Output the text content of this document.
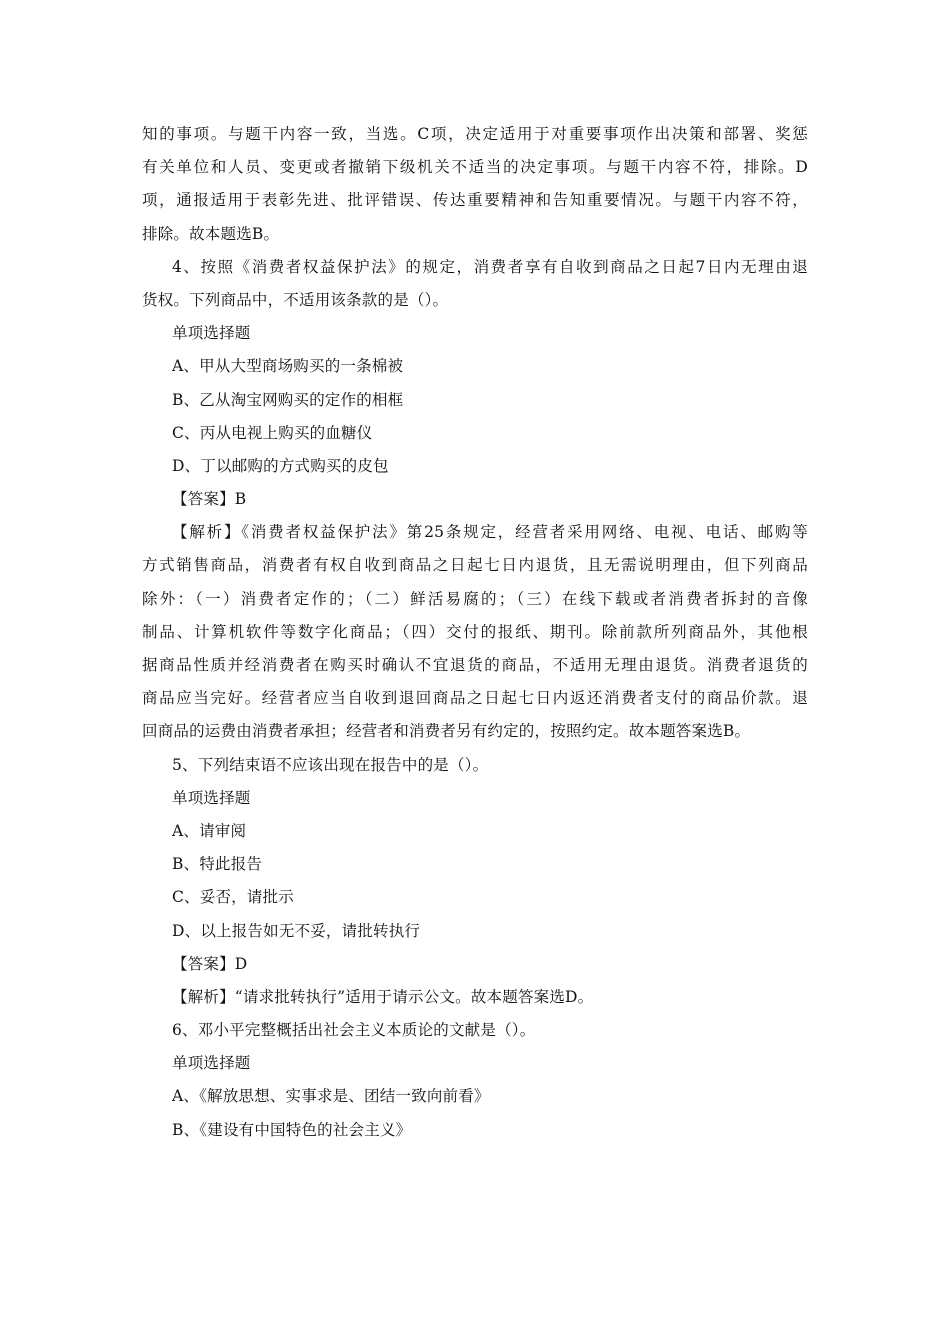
知的事项。与题干内容一致，当选。C项，决定适用于对重要事项作出决策和部署、奖惩
有关单位和人员、变更或者撤销下级机关不适当的决定事项。与题干内容不符，排除。D
项，通报适用于表彰先进、批评错误、传达重要精神和告知重要情况。与题干内容不符，
排除。故本题选B。
4、按照《消费者权益保护法》的规定，消费者享有自收到商品之日起7日内无理由退
货权。下列商品中，不适用该条款的是（）。
单项选择题
A、甲从大型商场购买的一条棉被
B、乙从淘宝网购买的定作的相框
C、丙从电视上购买的血糖仪
D、丁以邮购的方式购买的皮包
【答案】B
【解析】《消费者权益保护法》第25条规定，经营者采用网络、电视、电话、邮购等
方式销售商品，消费者有权自收到商品之日起七日内退货，且无需说明理由，但下列商品
除外：（一）消费者定作的；（二）鲜活易腐的；（三）在线下载或者消费者拆封的音像
制品、计算机软件等数字化商品；（四）交付的报纸、期刊。除前款所列商品外，其他根
据商品性质并经消费者在购买时确认不宜退货的商品，不适用无理由退货。消费者退货的
商品应当完好。经营者应当自收到退回商品之日起七日内返还消费者支付的商品价款。退
回商品的运费由消费者承担；经营者和消费者另有约定的，按照约定。故本题答案选B。
5、下列结束语不应该出现在报告中的是（）。
单项选择题
A、请审阅
B、特此报告
C、妥否，请批示
D、以上报告如无不妥，请批转执行
【答案】D
【解析】“请求批转执行”适用于请示公文。故本题答案选D。
6、邓小平完整概括出社会主义本质论的文献是（）。
单项选择题
A、《解放思想、实事求是、团结一致向前看》
B、《建设有中国特色的社会主义》
